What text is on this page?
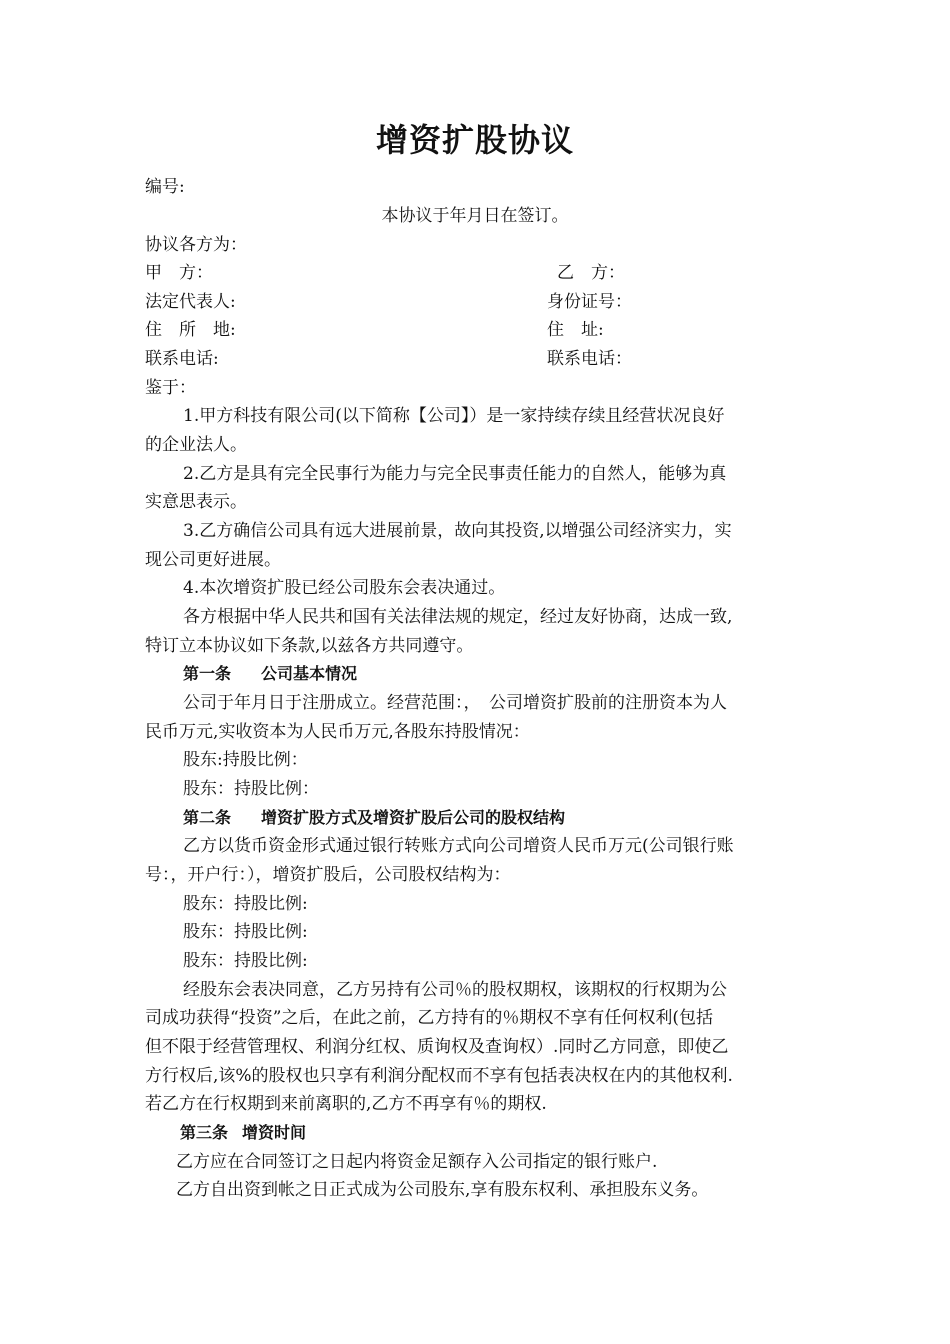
增资扩股协议
编号:
本协议于年月日在签订。
协议各方为：
甲　方：	乙　方：
法定代表人:	身份证号：
住　所　地:	住　址:
联系电话:	联系电话：
鉴于：
1.甲方科技有限公司(以下简称【公司】）是一家持续存续且经营状况良好
的企业法人。
2.乙方是具有完全民事行为能力与完全民事责任能力的自然人，能够为真
实意思表示。
3.乙方确信公司具有远大进展前景，故向其投资,以增强公司经济实力，实
现公司更好进展。
4.本次增资扩股已经公司股东会表决通过。
各方根据中华人民共和国有关法律法规的规定，经过友好协商，达成一致,
特订立本协议如下条款,以兹各方共同遵守。
第一条 公司基本情况
公司于年月日于注册成立。经营范围：，　公司增资扩股前的注册资本为人
民币万元,实收资本为人民币万元,各股东持股情况：
股东:持股比例：
股东：持股比例：
第二条 增资扩股方式及增资扩股后公司的股权结构
乙方以货币资金形式通过银行转账方式向公司增资人民币万元(公司银行账
号：，开户行：），增资扩股后，公司股权结构为：
股东：持股比例:
股东：持股比例:
股东：持股比例:
经股东会表决同意，乙方另持有公司％的股权期权，该期权的行权期为公
司成功获得“投资”之后，在此之前，乙方持有的％期权不享有任何权利(包括
但不限于经营管理权、利润分红权、质询权及查询权）.同时乙方同意，即使乙
方行权后,该%的股权也只享有利润分配权而不享有包括表决权在内的其他权利.
若乙方在行权期到来前离职的,乙方不再享有％的期权.
第三条 增资时间
乙方应在合同签订之日起内将资金足额存入公司指定的银行账户.
乙方自出资到帐之日正式成为公司股东,享有股东权利、承担股东义务。
